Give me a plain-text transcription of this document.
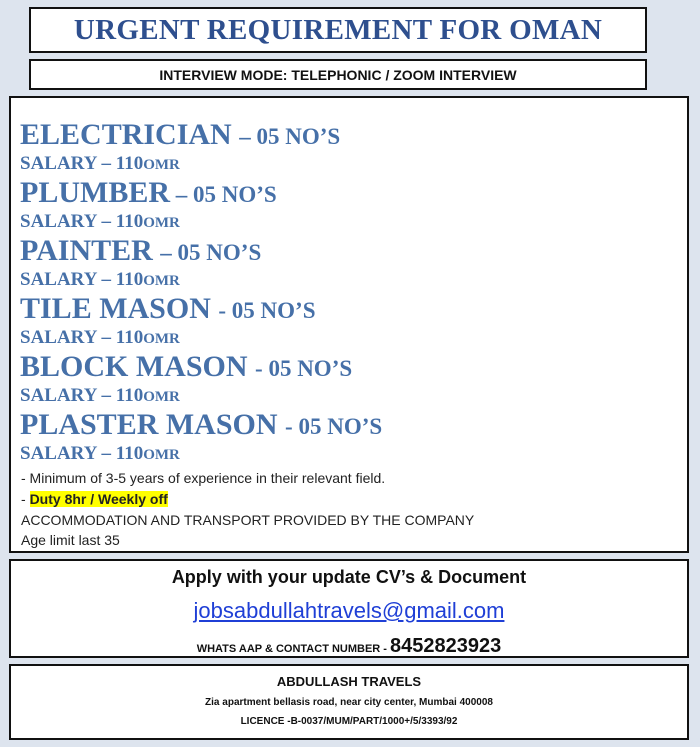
URGENT REQUIREMENT FOR OMAN
INTERVIEW MODE: TELEPHONIC / ZOOM INTERVIEW
ELECTRICIAN – 05 NO’S
SALARY – 110OMR
PLUMBER – 05 NO’S
SALARY – 110OMR
PAINTER – 05 NO’S
SALARY – 110OMR
TILE MASON - 05 NO’S
SALARY – 110OMR
BLOCK MASON - 05 NO’S
SALARY – 110OMR
PLASTER MASON - 05 NO’S
SALARY – 110OMR
- Minimum of 3-5 years of experience in their relevant field.
- Duty 8hr / Weekly off
ACCOMMODATION AND TRANSPORT PROVIDED BY THE COMPANY
Age limit last 35
Apply with your update CV’s & Document
jobsabdullahtravels@gmail.com
WHATS AAP & CONTACT NUMBER - 8452823923
ABDULLASH TRAVELS
Zia apartment bellasis road, near city center, Mumbai 400008
LICENCE -B-0037/MUM/PART/1000+/5/3393/92
